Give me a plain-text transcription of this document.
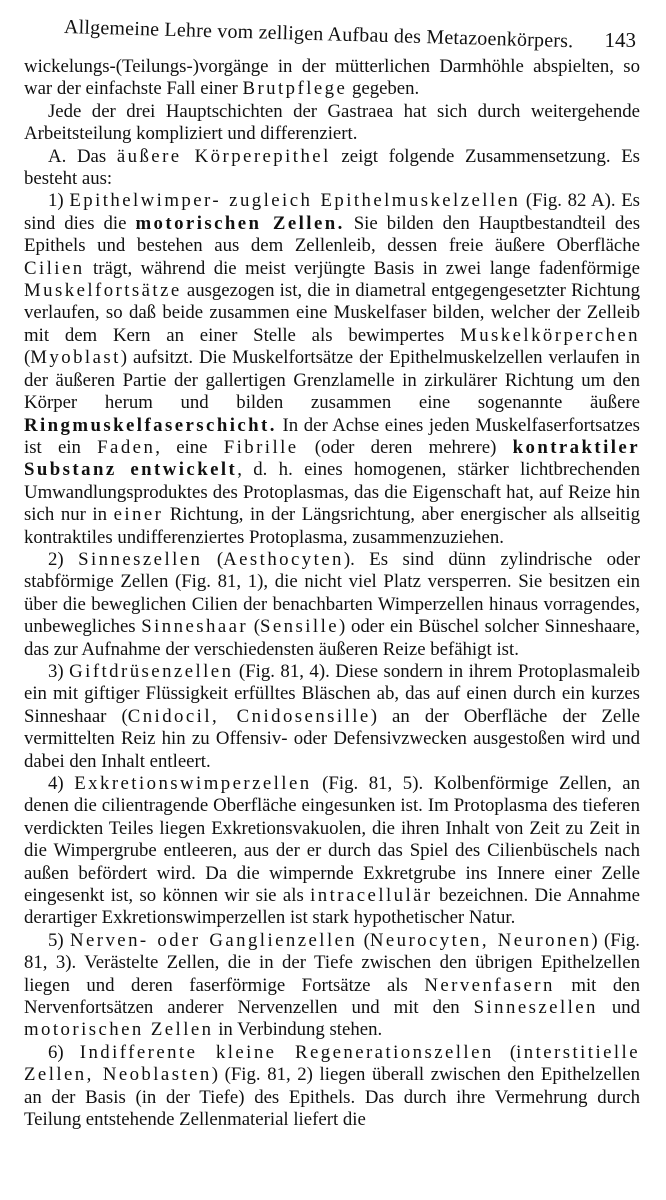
Allgemeine Lehre vom zelligen Aufbau des Metazoenkörpers. 143

wickelungs-(Teilungs-)vorgänge in der mütterlichen Darmhöhle abspielten, so war der einfachste Fall einer Brutpflege gegeben.

Jede der drei Hauptschichten der Gastraea hat sich durch weitergehende Arbeitsteilung kompliziert und differenziert.

A. Das äußere Körperepithel zeigt folgende Zusammensetzung. Es besteht aus:

1) Epithelwimper- zugleich Epithelmuskelzellen (Fig. 82 A). Es sind dies die motorischen Zellen. Sie bilden den Hauptbestandteil des Epithels und bestehen aus dem Zellenleib, dessen freie äußere Oberfläche Cilien trägt, während die meist verjüngte Basis in zwei lange fadenförmige Muskelfortsätze ausgezogen ist, die in diametral entgegengesetzter Richtung verlaufen, so daß beide zusammen eine Muskelfaser bilden, welcher der Zelleib mit dem Kern an einer Stelle als bewimpertes Muskelkörperchen (Myoblast) aufsitzt. Die Muskelfortsätze der Epithelmuskelzellen verlaufen in der äußeren Partie der gallertigen Grenzlamelle in zirkulärer Richtung um den Körper herum und bilden zusammen eine sogenannte äußere Ringmuskelfaserschicht. In der Achse eines jeden Muskelfaserfortsatzes ist ein Faden, eine Fibrille (oder deren mehrere) kontraktiler Substanz entwickelt, d. h. eines homogenen, stärker lichtbrechenden Umwandlungsproduktes des Protoplasmas, das die Eigenschaft hat, auf Reize hin sich nur in einer Richtung, in der Längsrichtung, aber energischer als allseitig kontraktiles undifferenziertes Protoplasma, zusammenzuziehen.

2) Sinneszellen (Aesthocyten). Es sind dünn zylindrische oder stabförmige Zellen (Fig. 81, 1), die nicht viel Platz versperren. Sie besitzen ein über die beweglichen Cilien der benachbarten Wimperzellen hinaus vorragendes, unbewegliches Sinneshaar (Sensille) oder ein Büschel solcher Sinneshaare, das zur Aufnahme der verschiedensten äußeren Reize befähigt ist.

3) Giftdrüsenzellen (Fig. 81, 4). Diese sondern in ihrem Protoplasmaleib ein mit giftiger Flüssigkeit erfülltes Bläschen ab, das auf einen durch ein kurzes Sinneshaar (Cnidocil, Cnidosensille) an der Oberfläche der Zelle vermittelten Reiz hin zu Offensiv- oder Defensivzwecken ausgestoßen wird und dabei den Inhalt entleert.

4) Exkretionswimperzellen (Fig. 81, 5). Kolbenförmige Zellen, an denen die cilientragende Oberfläche eingesunken ist. Im Protoplasma des tieferen verdickten Teiles liegen Exkretionsvakuolen, die ihren Inhalt von Zeit zu Zeit in die Wimpergrube entleeren, aus der er durch das Spiel des Cilienbüschels nach außen befördert wird. Da die wimpernde Exkretgrube ins Innere einer Zelle eingesenkt ist, so können wir sie als intracellulär bezeichnen. Die Annahme derartiger Exkretionswimperzellen ist stark hypothetischer Natur.

5) Nerven- oder Ganglienzellen (Neurocyten, Neuronen) (Fig. 81, 3). Verästelte Zellen, die in der Tiefe zwischen den übrigen Epithelzellen liegen und deren faserförmige Fortsätze als Nervenfasern mit den Nervenfortsätzen anderer Nervenzellen und mit den Sinneszellen und motorischen Zellen in Verbindung stehen.

6) Indifferente kleine Regenerationszellen (interstitielle Zellen, Neoblasten) (Fig. 81, 2) liegen überall zwischen den Epithelzellen an der Basis (in der Tiefe) des Epithels. Das durch ihre Vermehrung durch Teilung entstehende Zellenmaterial liefert die
